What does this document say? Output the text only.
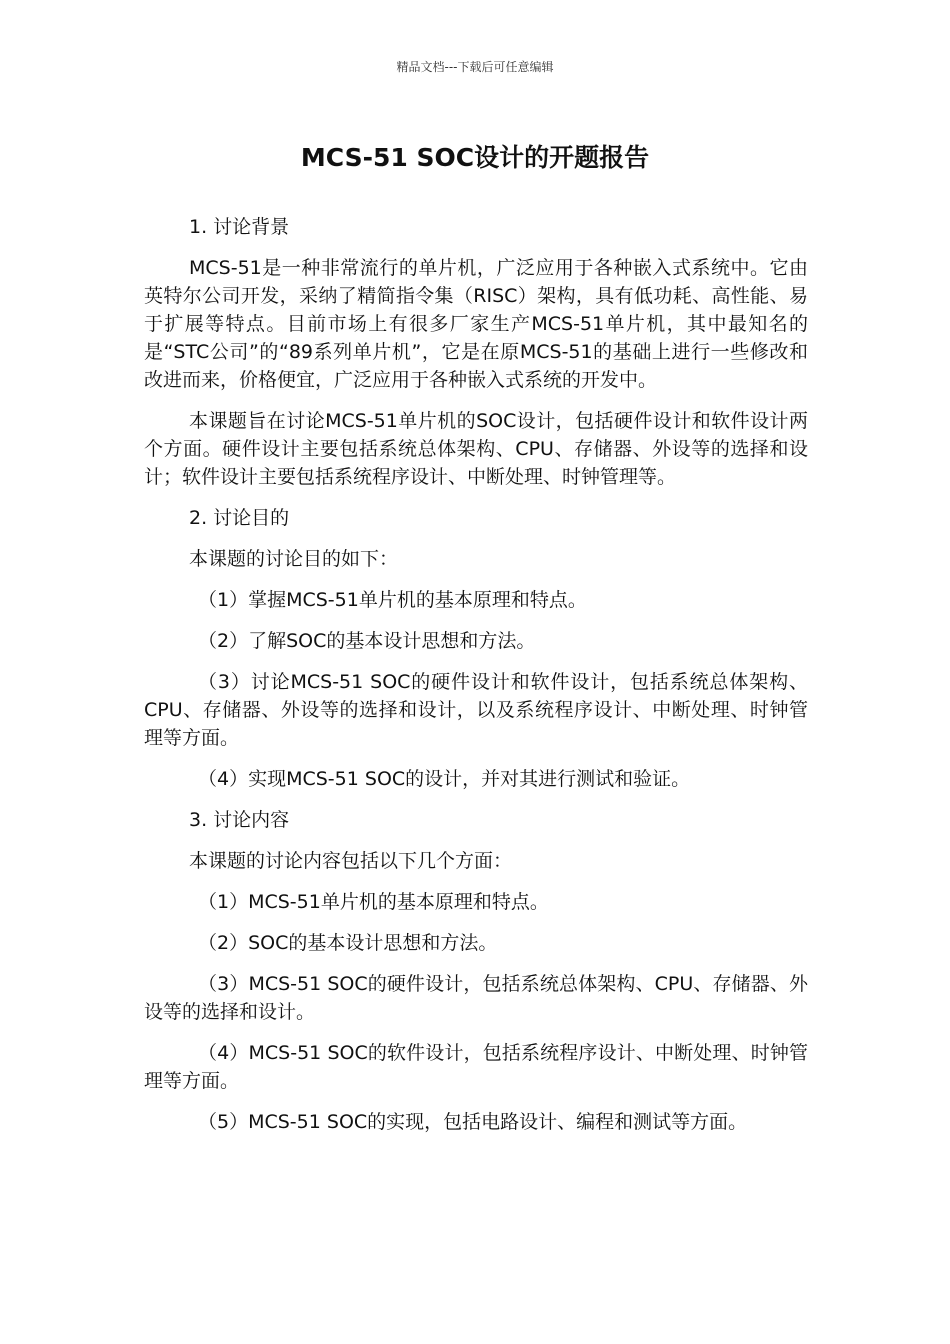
精品文档---下载后可任意编辑
MCS-51 SOC设计的开题报告

1. 讨论背景

MCS-51是一种非常流行的单片机，广泛应用于各种嵌入式系统中。它由英特尔公司开发，采纳了精简指令集（RISC）架构，具有低功耗、高性能、易于扩展等特点。目前市场上有很多厂家生产MCS-51单片机，其中最知名的是“STC公司”的“89系列单片机”，它是在原MCS-51的基础上进行一些修改和改进而来，价格便宜，广泛应用于各种嵌入式系统的开发中。

本课题旨在讨论MCS-51单片机的SOC设计，包括硬件设计和软件设计两个方面。硬件设计主要包括系统总体架构、CPU、存储器、外设等的选择和设计；软件设计主要包括系统程序设计、中断处理、时钟管理等。

2. 讨论目的

本课题的讨论目的如下：

（1）掌握MCS-51单片机的基本原理和特点。

（2）了解SOC的基本设计思想和方法。

（3）讨论MCS-51 SOC的硬件设计和软件设计，包括系统总体架构、CPU、存储器、外设等的选择和设计，以及系统程序设计、中断处理、时钟管理等方面。

（4）实现MCS-51 SOC的设计，并对其进行测试和验证。

3. 讨论内容

本课题的讨论内容包括以下几个方面：

（1）MCS-51单片机的基本原理和特点。

（2）SOC的基本设计思想和方法。

（3）MCS-51 SOC的硬件设计，包括系统总体架构、CPU、存储器、外设等的选择和设计。

（4）MCS-51 SOC的软件设计，包括系统程序设计、中断处理、时钟管理等方面。

（5）MCS-51 SOC的实现，包括电路设计、编程和测试等方面。
